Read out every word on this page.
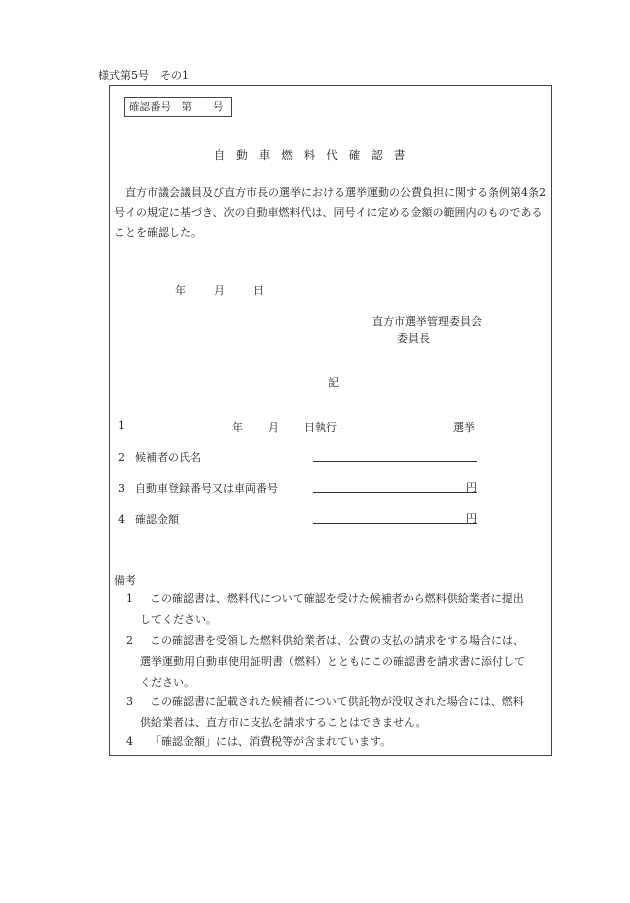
様式第5号　その1
確認番号　第　　号
自動車燃料代確認書
直方市議会議員及び直方市長の選挙における選挙運動の公費負担に関する条例第4条2号イの規定に基づき、次の自動車燃料代は、同号イに定める金額の範囲内のものであることを確認した。
年	月	日
直方市選挙管理委員会
委員長
記
1	年 月 日執行	選挙
2 候補者の氏名
3 自動車登録番号又は車両番号	円
4 確認金額	円
備考
1 この確認書は、燃料代について確認を受けた候補者から燃料供給業者に提出
してください。
2 この確認書を受領した燃料供給業者は、公費の支払の請求をする場合には、
選挙運動用自動車使用証明書（燃料）とともにこの確認書を請求書に添付して
ください。
3 この確認書に記載された候補者について供託物が没収された場合には、燃料
供給業者は、直方市に支払を請求することはできません。
4 「確認金額」には、消費税等が含まれています。
